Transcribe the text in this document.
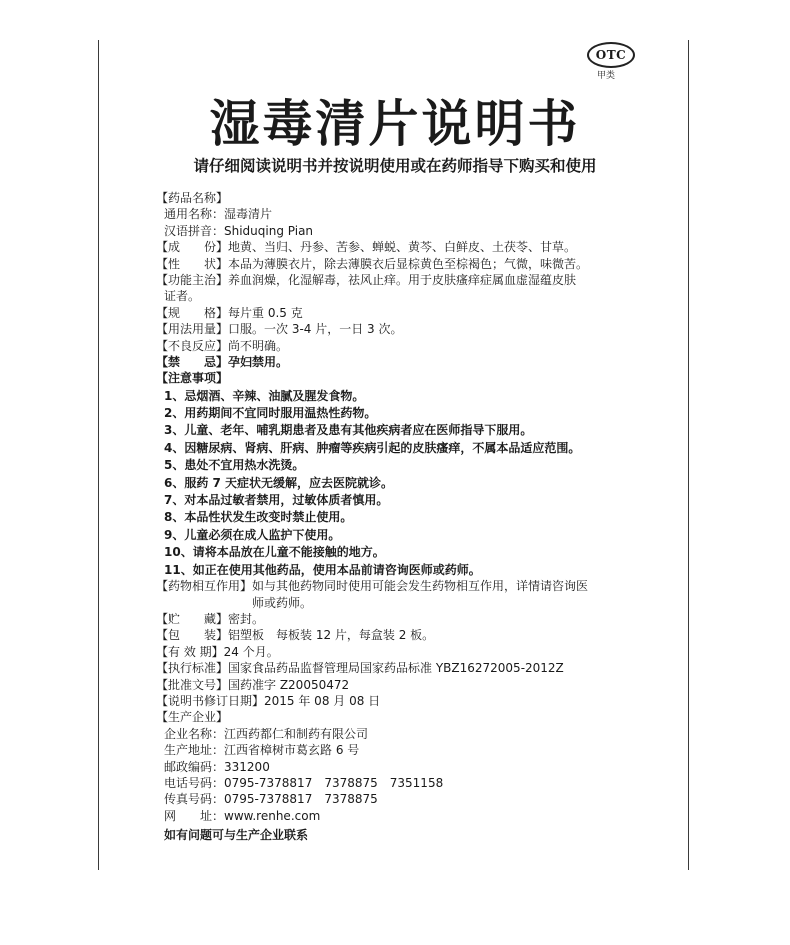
OTC
甲类
湿毒清片说明书
请仔细阅读说明书并按说明使用或在药师指导下购买和使用
【药品名称】
通用名称：湿毒清片
汉语拼音：Shiduqing Pian
【成　　份】地黄、当归、丹参、苦参、蝉蜕、黄芩、白鲜皮、土茯苓、甘草。
【性　　状】本品为薄膜衣片，除去薄膜衣后显棕黄色至棕褐色；气微，味微苦。
【功能主治】养血润燥，化湿解毒，祛风止痒。用于皮肤瘙痒症属血虚湿蕴皮肤
证者。
【规　　格】每片重 0.5 克
【用法用量】口服。一次 3-4 片，一日 3 次。
【不良反应】尚不明确。
【禁　　忌】孕妇禁用。
【注意事项】
1、忌烟酒、辛辣、油腻及腥发食物。
2、用药期间不宜同时服用温热性药物。
3、儿童、老年、哺乳期患者及患有其他疾病者应在医师指导下服用。
4、因糖尿病、肾病、肝病、肿瘤等疾病引起的皮肤瘙痒，不属本品适应范围。
5、患处不宜用热水洗烫。
6、服药 7 天症状无缓解，应去医院就诊。
7、对本品过敏者禁用，过敏体质者慎用。
8、本品性状发生改变时禁止使用。
9、儿童必须在成人监护下使用。
10、请将本品放在儿童不能接触的地方。
11、如正在使用其他药品，使用本品前请咨询医师或药师。
【药物相互作用】如与其他药物同时使用可能会发生药物相互作用，详情请咨询医
师或药师。
【贮　　藏】密封。
【包　　装】铝塑板　每板装 12 片，每盒装 2 板。
【有 效 期】24 个月。
【执行标准】国家食品药品监督管理局国家药品标准 YBZ16272005-2012Z
【批准文号】国药准字 Z20050472
【说明书修订日期】2015 年 08 月 08 日
【生产企业】
企业名称：江西药都仁和制药有限公司
生产地址：江西省樟树市葛玄路 6 号
邮政编码：331200
电话号码：0795-7378817　7378875　7351158
传真号码：0795-7378817　7378875
网　　址：www.renhe.com
如有问题可与生产企业联系
